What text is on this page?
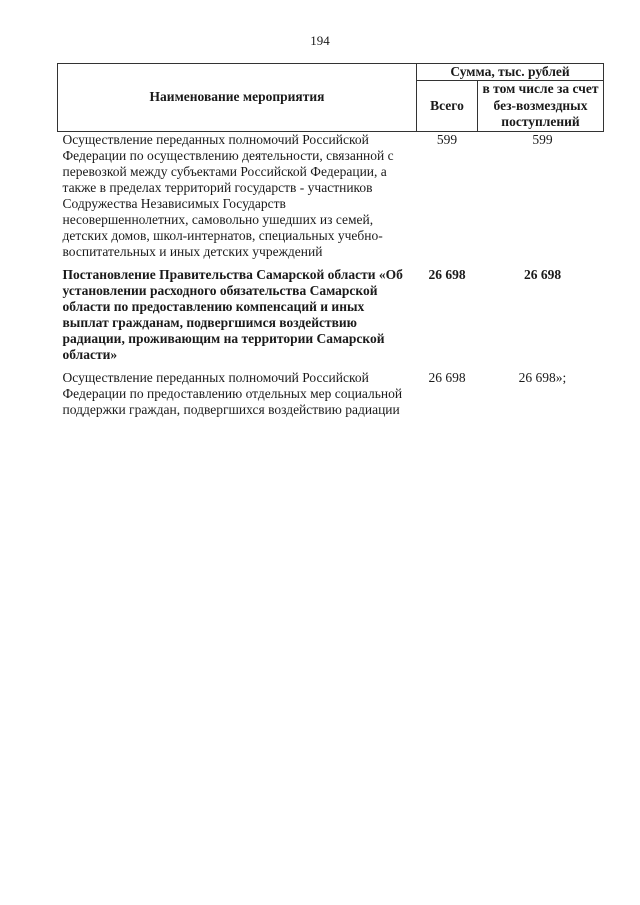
194
Наименование мероприятия	Сумма, тыс. рублей	
	Всего	в том числе за счет без-возмездных поступлений
Осуществление переданных полномочий Российской Федерации по осуществлению деятельности, связанной с перевозкой между субъектами Российской Федерации, а также в пределах территорий государств - участников Содружества Независимых Государств несовершеннолетних, самовольно ушедших из семей, детских домов, школ-интернатов, специальных учебно-воспитательных и иных детских учреждений	599	599
Постановление Правительства Самарской области «Об установлении расходного обязательства Самарской области по предоставлению компенсаций и иных выплат гражданам, подвергшимся воздействию радиации, проживающим на территории Самарской области»	26 698	26 698
Осуществление переданных полномочий Российской Федерации по предоставлению отдельных мер социальной поддержки граждан, подвергшихся воздействию радиации	26 698	26 698»;
